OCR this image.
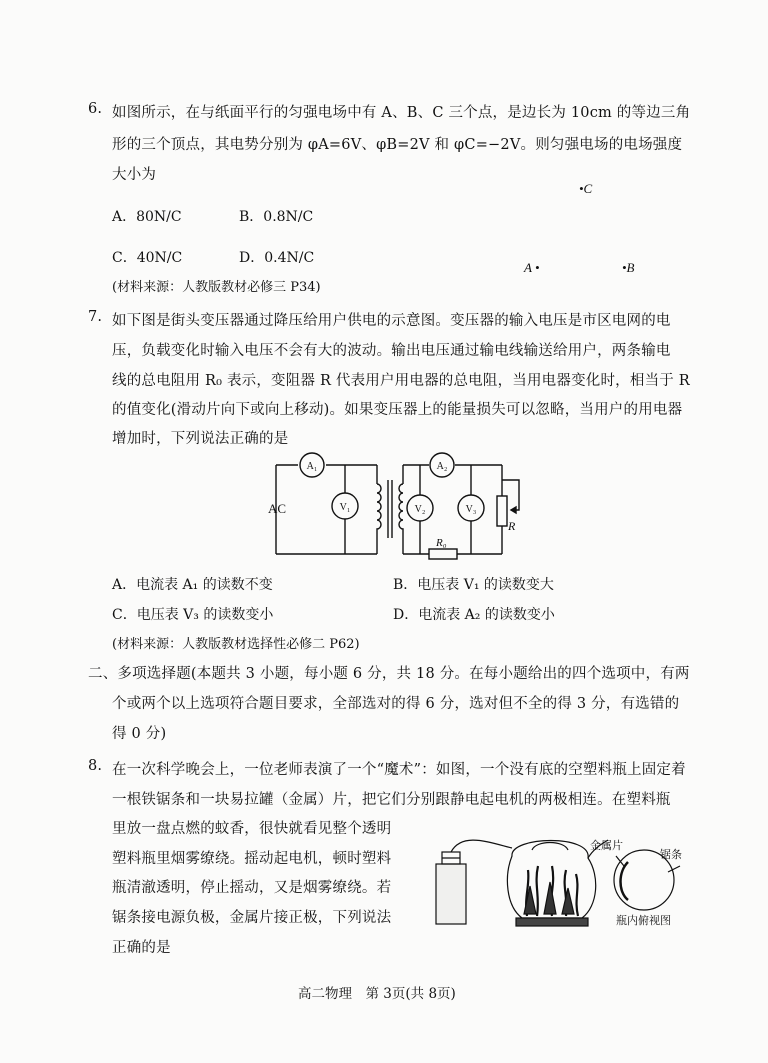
6. 如图所示，在与纸面平行的匀强电场中有 A、B、C 三个点，是边长为 10cm 的等边三角
形的三个顶点，其电势分别为 φA=6V、φB=2V 和 φC=−2V。则匀强电场的电场强度
大小为
A．80N/C	B．0.8N/C
C．40N/C	D．0.4N/C
(材料来源：人教版教材必修三 P34)
•C
A •	•B
7. 如下图是街头变压器通过降压给用户供电的示意图。变压器的输入电压是市区电网的电
压，负载变化时输入电压不会有大的波动。输出电压通过输电线输送给用户，两条输电
线的总电阻用 R₀ 表示，变阻器 R 代表用户用电器的总电阻，当用电器变化时，相当于 R
的值变化(滑动片向下或向上移动)。如果变压器上的能量损失可以忽略，当用户的用电器
增加时，下列说法正确的是
A₁
V₁
A₂
V₂	V₃
AC
R₀
R
A．电流表 A₁ 的读数不变	B．电压表 V₁ 的读数变大
C．电压表 V₃ 的读数变小	D．电流表 A₂ 的读数变小
(材料来源：人教版教材选择性必修二 P62)
二、多项选择题(本题共 3 小题，每小题 6 分，共 18 分。在每小题给出的四个选项中，有两
个或两个以上选项符合题目要求，全部选对的得 6 分，选对但不全的得 3 分，有选错的
得 0 分)
8. 在一次科学晚会上，一位老师表演了一个“魔术”：如图，一个没有底的空塑料瓶上固定着
一根铁锯条和一块易拉罐（金属）片，把它们分别跟静电起电机的两极相连。在塑料瓶
里放一盘点燃的蚊香，很快就看见整个透明
塑料瓶里烟雾缭绕。摇动起电机，顿时塑料
瓶清澈透明，停止摇动，又是烟雾缭绕。若
锯条接电源负极，金属片接正极，下列说法
正确的是
金属片
锯条
瓶内俯视图
高二物理　第 3页(共 8页)
